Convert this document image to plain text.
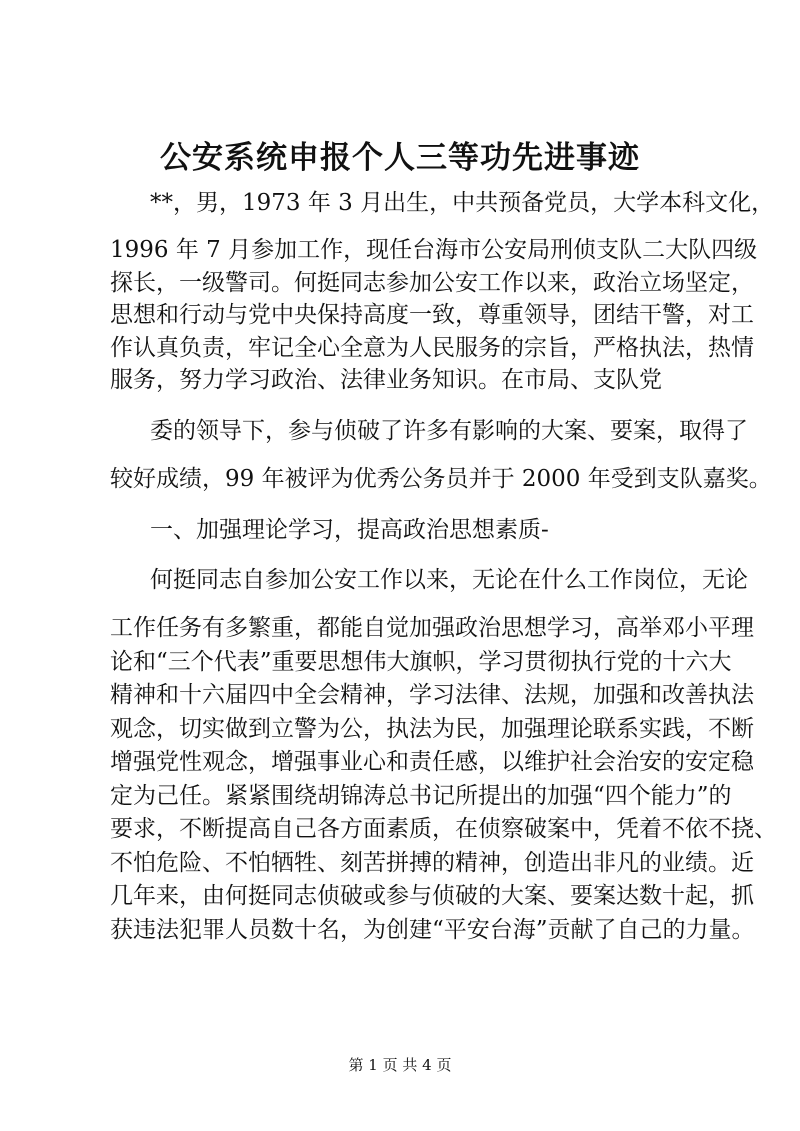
公安系统申报个人三等功先进事迹
**，男，1973 年 3 月出生，中共预备党员，大学本科文化，
1996 年 7 月参加工作，现任台海市公安局刑侦支队二大队四级
探长，一级警司。何挺同志参加公安工作以来，政治立场坚定，
思想和行动与党中央保持高度一致，尊重领导，团结干警，对工
作认真负责，牢记全心全意为人民服务的宗旨，严格执法，热情
服务，努力学习政治、法律业务知识。在市局、支队党
委的领导下，参与侦破了许多有影响的大案、要案，取得了
较好成绩，99 年被评为优秀公务员并于 2000 年受到支队嘉奖。
一、加强理论学习，提高政治思想素质-
何挺同志自参加公安工作以来，无论在什么工作岗位，无论
工作任务有多繁重，都能自觉加强政治思想学习，高举邓小平理
论和“三个代表”重要思想伟大旗帜，学习贯彻执行党的十六大
精神和十六届四中全会精神，学习法律、法规，加强和改善执法
观念，切实做到立警为公，执法为民，加强理论联系实践，不断
增强党性观念，增强事业心和责任感，以维护社会治安的安定稳
定为己任。紧紧围绕胡锦涛总书记所提出的加强“四个能力”的
要求，不断提高自己各方面素质，在侦察破案中，凭着不依不挠、
不怕危险、不怕牺牲、刻苦拼搏的精神，创造出非凡的业绩。近
几年来，由何挺同志侦破或参与侦破的大案、要案达数十起，抓
获违法犯罪人员数十名，为创建“平安台海”贡献了自己的力量。
第 1 页 共 4 页
